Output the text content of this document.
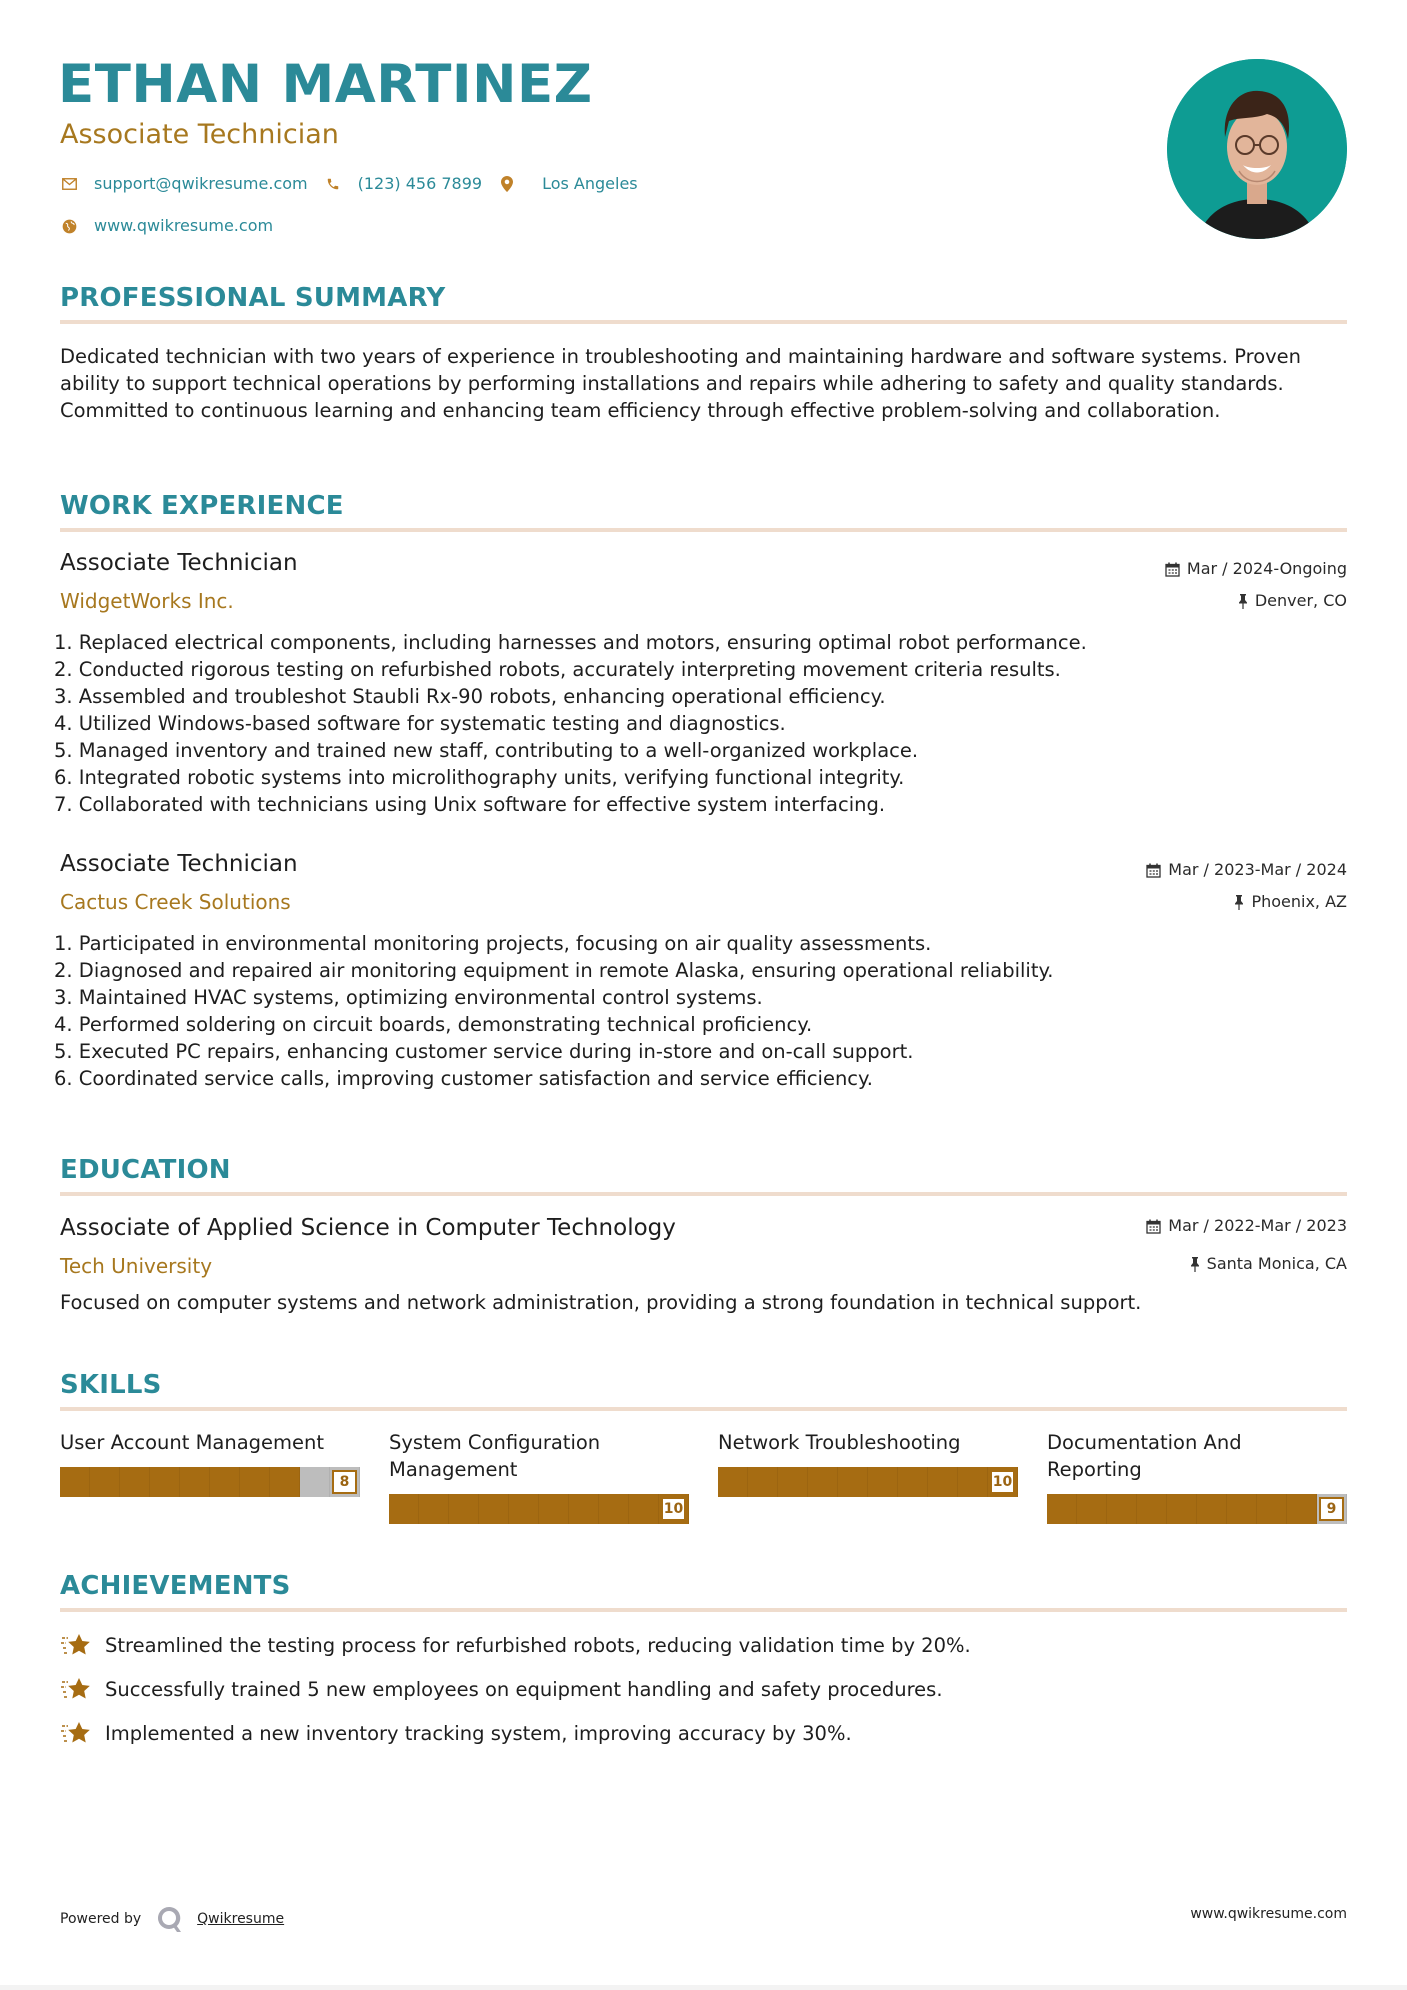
ETHAN MARTINEZ
Associate Technician
support@qwikresume.com	(123) 456 7899	Los Angeles
www.qwikresume.com
PROFESSIONAL SUMMARY
Dedicated technician with two years of experience in troubleshooting and maintaining hardware and software systems. Proven ability to support technical operations by performing installations and repairs while adhering to safety and quality standards. Committed to continuous learning and enhancing team efficiency through effective problem-solving and collaboration.
WORK EXPERIENCE
Associate Technician
WidgetWorks Inc.
Mar / 2024-Ongoing
Denver, CO
1. Replaced electrical components, including harnesses and motors, ensuring optimal robot performance.
2. Conducted rigorous testing on refurbished robots, accurately interpreting movement criteria results.
3. Assembled and troubleshot Staubli Rx-90 robots, enhancing operational efficiency.
4. Utilized Windows-based software for systematic testing and diagnostics.
5. Managed inventory and trained new staff, contributing to a well-organized workplace.
6. Integrated robotic systems into microlithography units, verifying functional integrity.
7. Collaborated with technicians using Unix software for effective system interfacing.
Associate Technician
Cactus Creek Solutions
Mar / 2023-Mar / 2024
Phoenix, AZ
1. Participated in environmental monitoring projects, focusing on air quality assessments.
2. Diagnosed and repaired air monitoring equipment in remote Alaska, ensuring operational reliability.
3. Maintained HVAC systems, optimizing environmental control systems.
4. Performed soldering on circuit boards, demonstrating technical proficiency.
5. Executed PC repairs, enhancing customer service during in-store and on-call support.
6. Coordinated service calls, improving customer satisfaction and service efficiency.
EDUCATION
Associate of Applied Science in Computer Technology
Tech University
Mar / 2022-Mar / 2023
Santa Monica, CA
Focused on computer systems and network administration, providing a strong foundation in technical support.
SKILLS
User Account Management
8
System Configuration Management
10
Network Troubleshooting
10
Documentation And Reporting
9
ACHIEVEMENTS
Streamlined the testing process for refurbished robots, reducing validation time by 20%.
Successfully trained 5 new employees on equipment handling and safety procedures.
Implemented a new inventory tracking system, improving accuracy by 30%.
Powered by	Qwikresume	www.qwikresume.com
